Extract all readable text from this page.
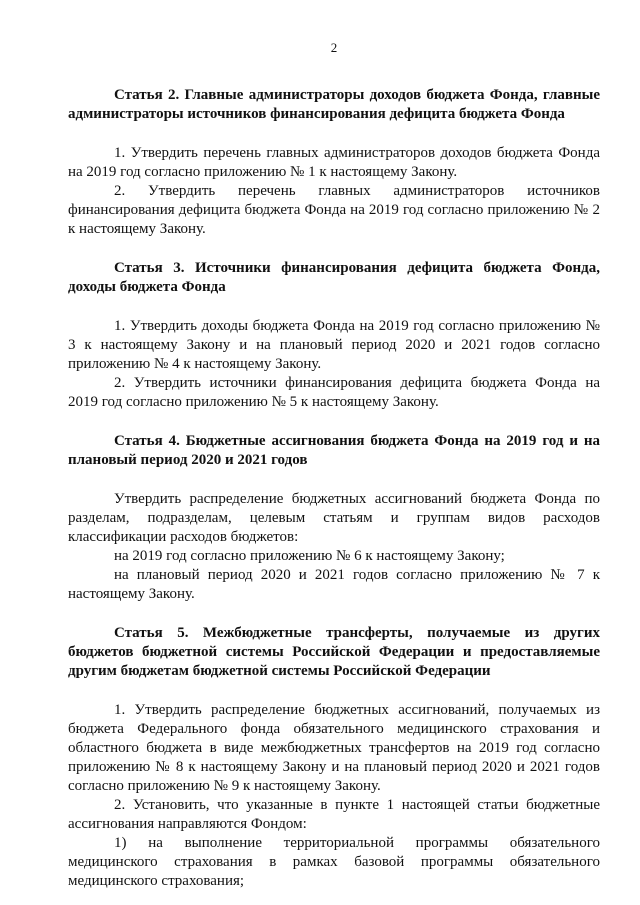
2
Статья 2. Главные администраторы доходов бюджета Фонда, главные администраторы источников финансирования дефицита бюджета Фонда

1. Утвердить перечень главных администраторов доходов бюджета Фонда на 2019 год согласно приложению № 1 к настоящему Закону.

2. Утвердить перечень главных администраторов источников финансирования дефицита бюджета Фонда на 2019 год согласно приложению № 2 к настоящему Закону.

Статья 3. Источники финансирования дефицита бюджета Фонда, доходы бюджета Фонда

1. Утвердить доходы бюджета Фонда на 2019 год согласно приложению № 3 к настоящему Закону и на плановый период 2020 и 2021 годов согласно приложению № 4 к настоящему Закону.

2. Утвердить источники финансирования дефицита бюджета Фонда на 2019 год согласно приложению № 5 к настоящему Закону.

Статья 4. Бюджетные ассигнования бюджета Фонда на 2019 год и на плановый период 2020 и 2021 годов

Утвердить распределение бюджетных ассигнований бюджета Фонда по разделам, подразделам, целевым статьям и группам видов расходов классификации расходов бюджетов:

на 2019 год согласно приложению № 6 к настоящему Закону;

на плановый период 2020 и 2021 годов согласно приложению № 7 к настоящему Закону.

Статья 5. Межбюджетные трансферты, получаемые из других бюджетов бюджетной системы Российской Федерации и предоставляемые другим бюджетам бюджетной системы Российской Федерации

1. Утвердить распределение бюджетных ассигнований, получаемых из бюджета Федерального фонда обязательного медицинского страхования и областного бюджета в виде межбюджетных трансфертов на 2019 год согласно приложению № 8 к настоящему Закону и на плановый период 2020 и 2021 годов согласно приложению № 9 к настоящему Закону.

2. Установить, что указанные в пункте 1 настоящей статьи бюджетные ассигнования направляются Фондом:

1) на выполнение территориальной программы обязательного медицинского страхования в рамках базовой программы обязательного медицинского страхования;
